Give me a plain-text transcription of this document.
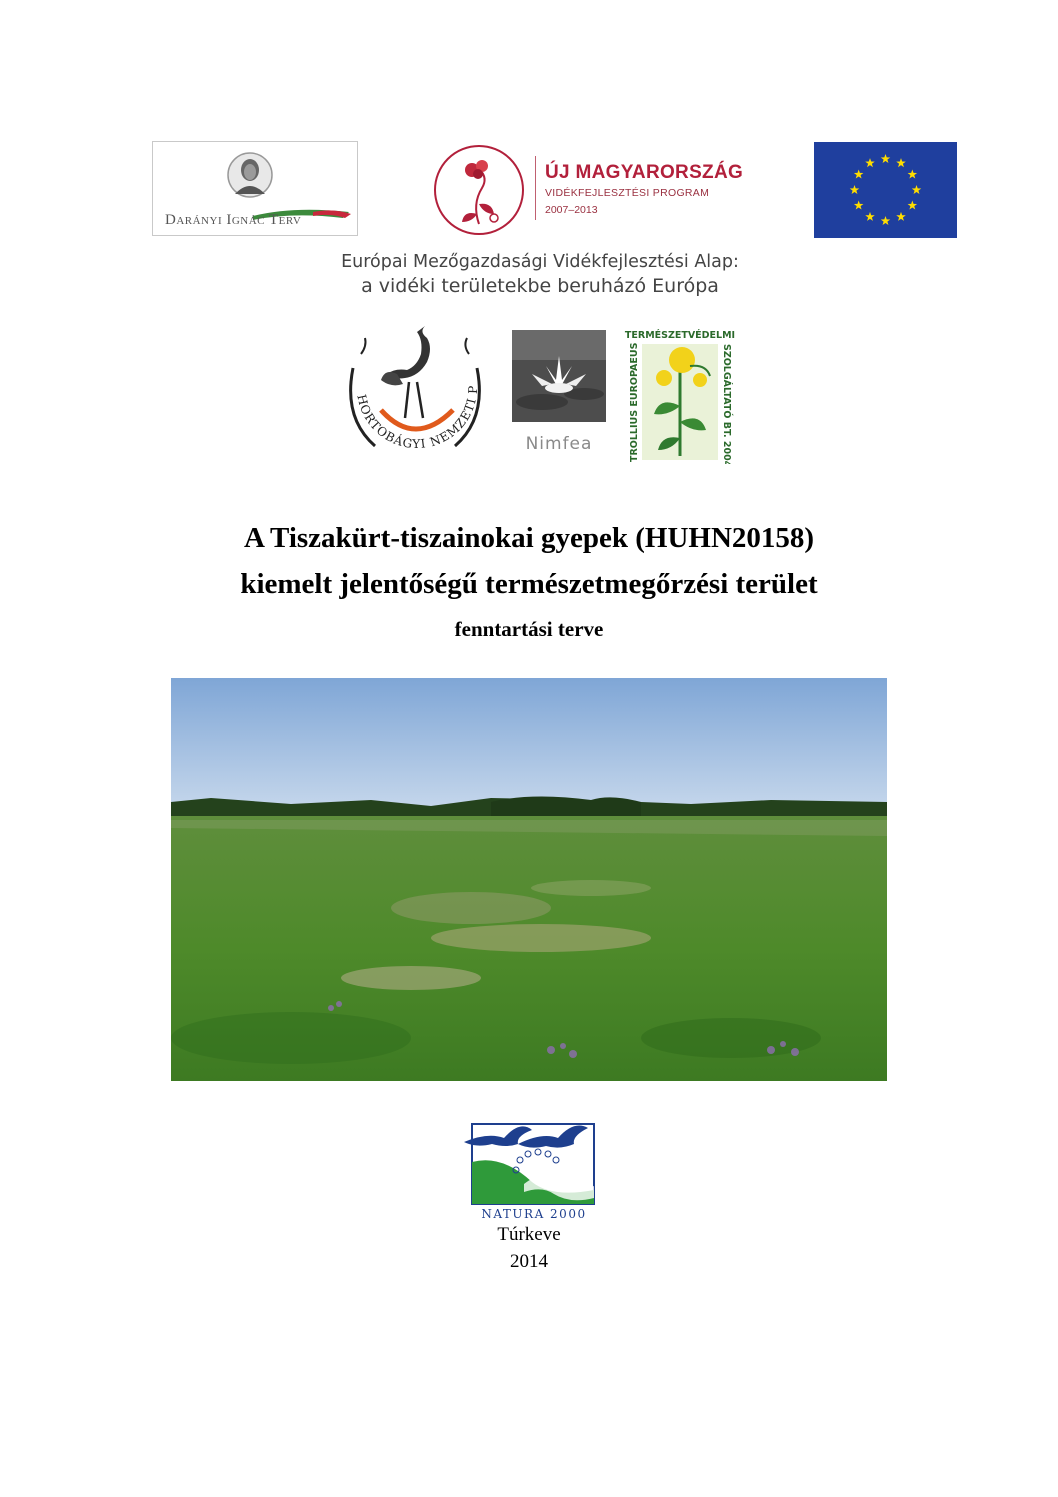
Darányi Ignác Terv
ÚJ MAGYARORSZÁG
VIDÉKFEJLESZTÉSI PROGRAM
2007–2013
Európai Mezőgazdasági Vidékfejlesztési Alap:
a vidéki területekbe beruházó Európa
HORTOBÁGYI NEMZETI P
Nimfea
TERMÉSZETVÉDELMI
TROLLIUS EUROPAEUS	SZOLGÁLTATÓ BT. 2004
A Tiszakürt-tiszainokai gyepek (HUHN20158)
kiemelt jelentőségű természetmegőrzési terület
fenntartási terve
NATURA 2000
Túrkeve
2014
